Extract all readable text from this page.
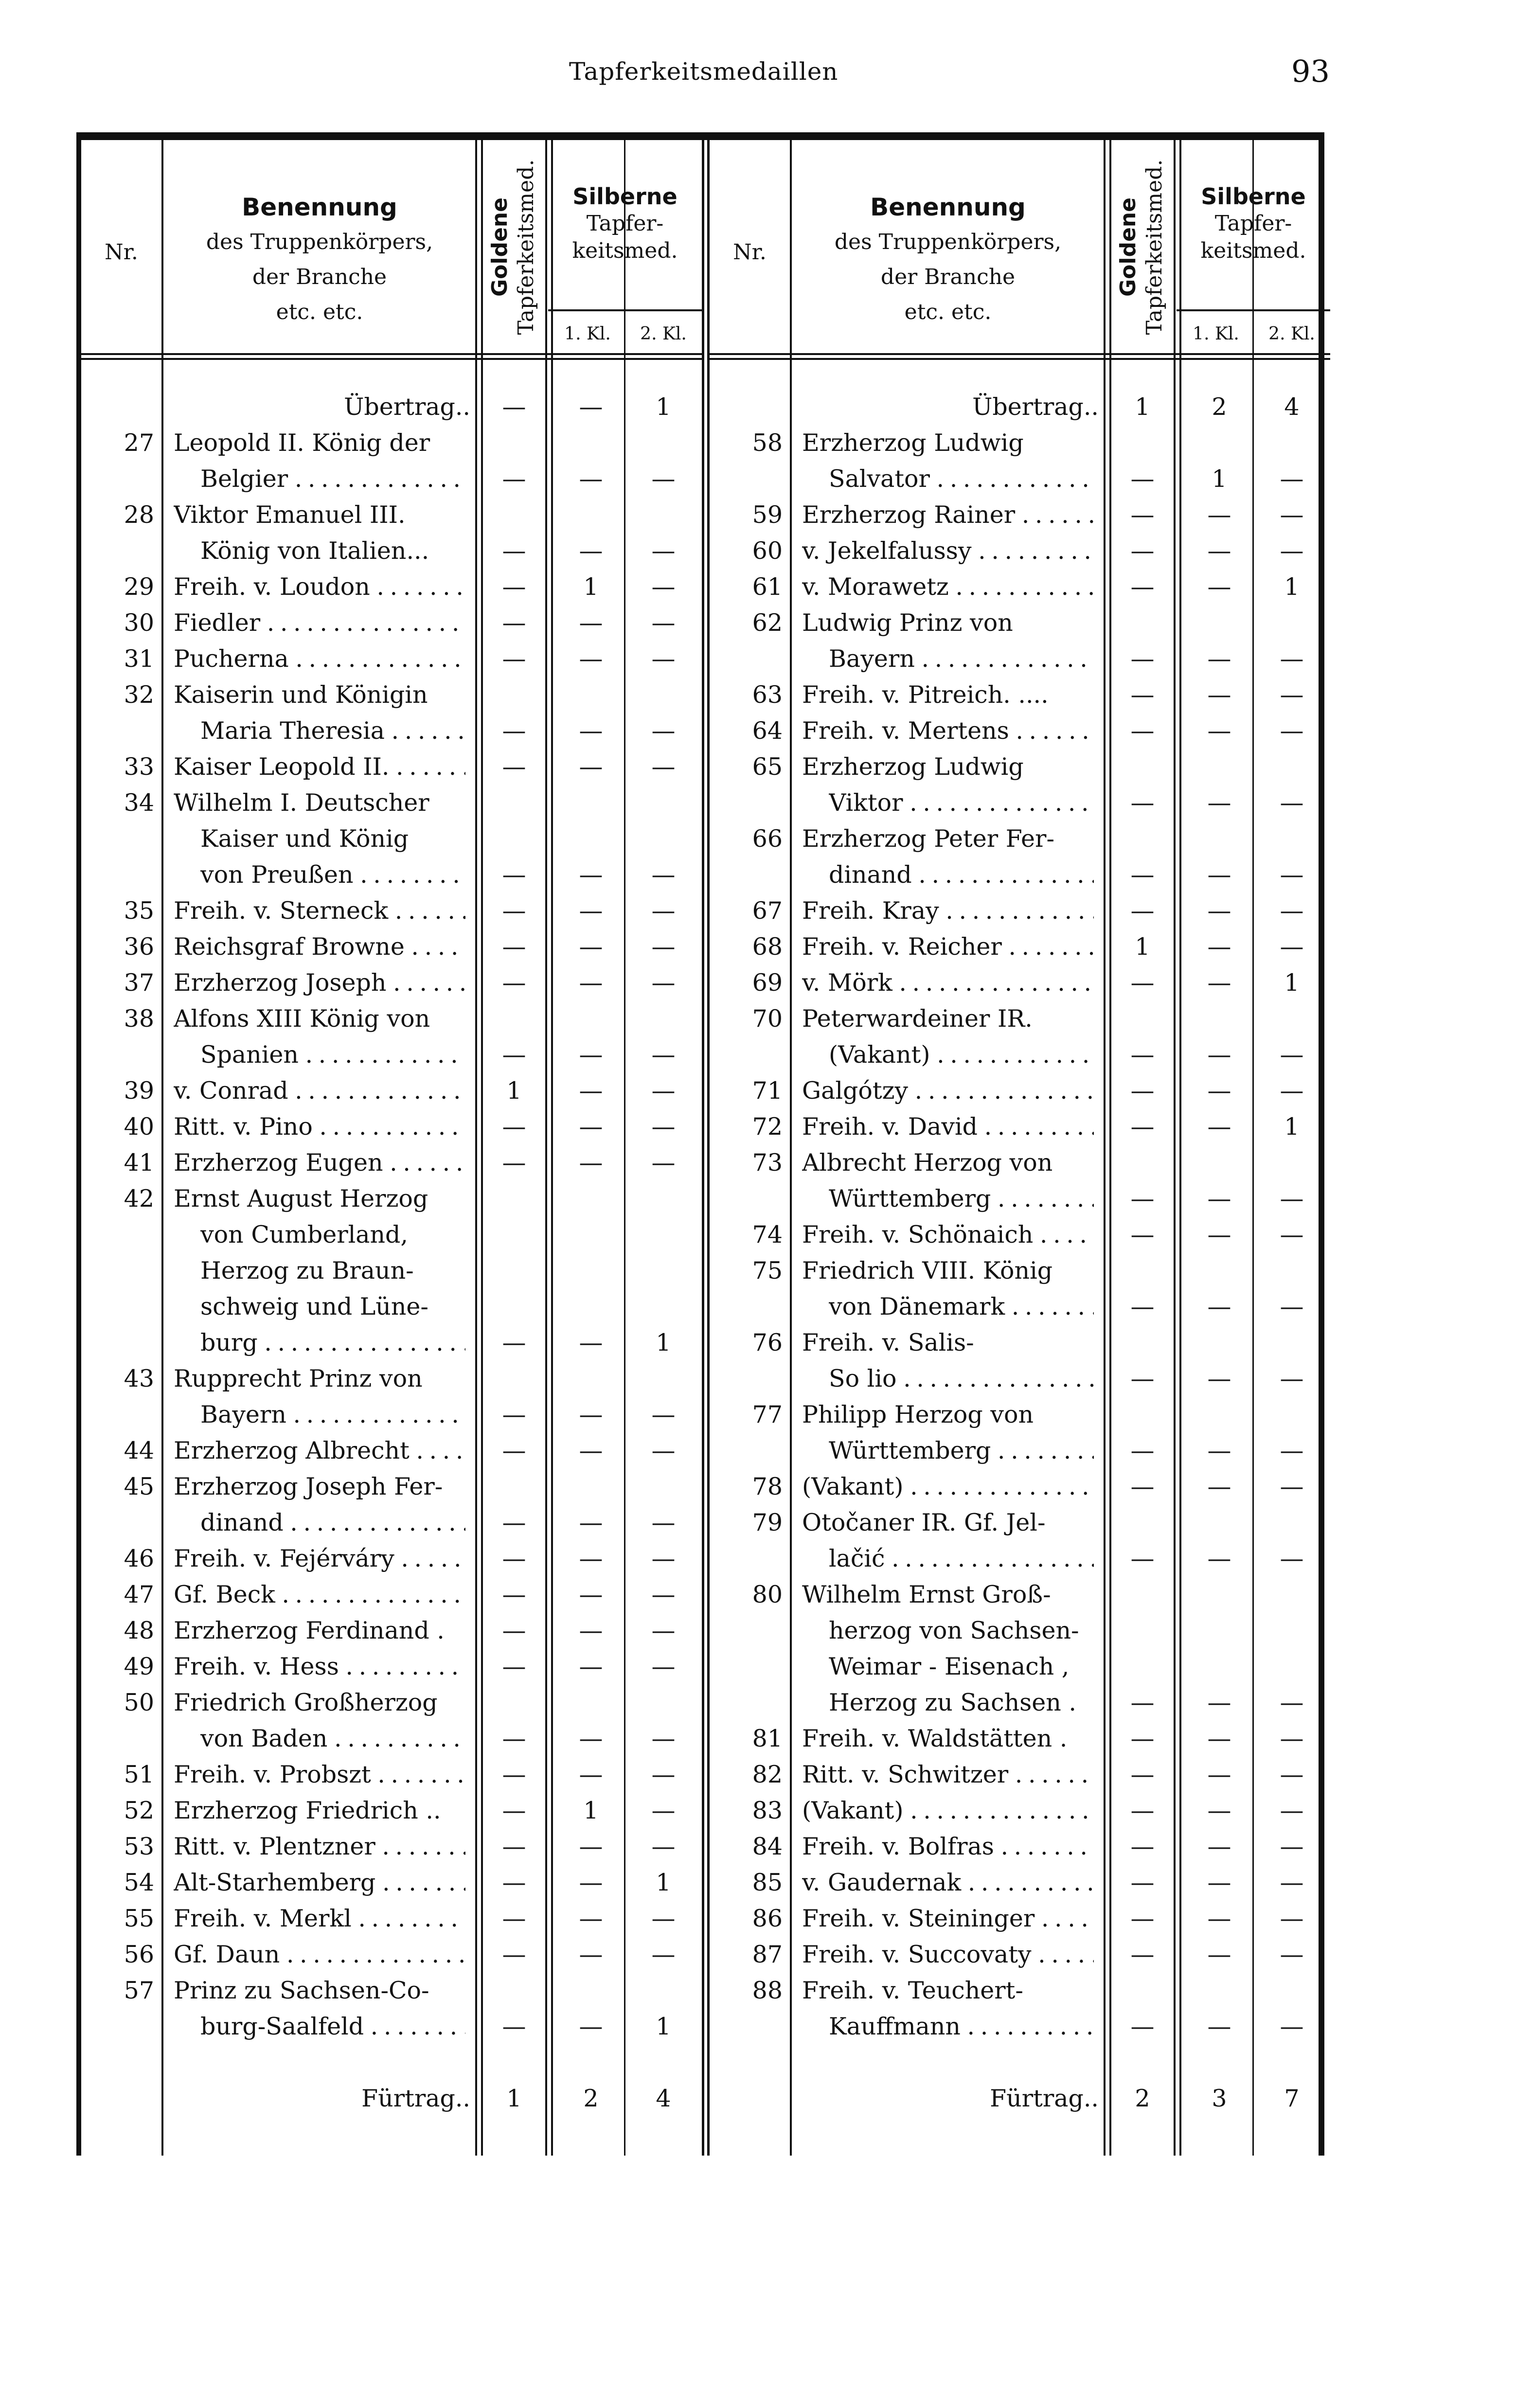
Tapferkeitsmedaillen	93
Nr.
Benennung
des Truppenkörpers,
der Branche
etc. etc.
Goldene Tapferkeitsmed.	Silberne
Tapfer-
keitsmed.
1. Kl.	2. Kl.
Übertrag..	—	—	1
27 Leopold II. König der
Belgier . . .	—	—	—
28 Viktor Emanuel III.
König von Italien...	—	—	—
29 Freih. v. Loudon . . .	—	1	—
30 Fiedler . . .	—	—	—
31 Pucherna . . .	—	—	—
32 Kaiserin und Königin
Maria Theresia . . .	—	—	—
33 Kaiser Leopold II. . . .	—	—	—
34 Wilhelm I. Deutscher
Kaiser und König
von Preußen . . .	—	—	—
35 Freih. v. Sterneck . . .	—	—	—
36 Reichsgraf Browne . . .	—	—	—
37 Erzherzog Joseph . . .	—	—	—
38 Alfons XIII König von
Spanien . . .	—	—	—
39 v. Conrad . . .	1	—	—
40 Ritt. v. Pino . . .	—	—	—
41 Erzherzog Eugen . . .	—	—	—
42 Ernst August Herzog
von Cumberland,
Herzog zu Braun-
schweig und Lüne-
burg . . .	—	—	1
43 Rupprecht Prinz von
Bayern . . .	—	—	—
44 Erzherzog Albrecht . . .	—	—	—
45 Erzherzog Joseph Fer-
dinand . . .	—	—	—
46 Freih. v. Fejérváry . . .	—	—	—
47 Gf. Beck . . .	—	—	—
48 Erzherzog Ferdinand .	—	—	—
49 Freih. v. Hess . . .	—	—	—
50 Friedrich Großherzog
von Baden . . .	—	—	—
51 Freih. v. Probszt . . .	—	—	—
52 Erzherzog Friedrich ..	—	1	—
53 Ritt. v. Plentzner . . .	—	—	—
54 Alt-Starhemberg . . .	—	—	1
55 Freih. v. Merkl . . .	—	—	—
56 Gf. Daun . . .	—	—	—
57 Prinz zu Sachsen-Co-
burg-Saalfeld . . .	—	—	1
Fürtrag..	1	2	4
Nr.
Benennung
des Truppenkörpers,
der Branche
etc. etc.
Goldene Tapferkeitsmed.	Silberne
Tapfer-
keitsmed.
1. Kl.	2. Kl.
Übertrag..	1	2	4
58 Erzherzog Ludwig
Salvator . . .	—	1	—
59 Erzherzog Rainer . . .	—	—	—
60 v. Jekelfalussy . . .	—	—	—
61 v. Morawetz . . .	—	—	1
62 Ludwig Prinz von
Bayern . . .	—	—	—
63 Freih. v. Pitreich. ....	—	—	—
64 Freih. v. Mertens . . .	—	—	—
65 Erzherzog Ludwig
Viktor . . .	—	—	—
66 Erzherzog Peter Fer-
dinand . . .	—	—	—
67 Freih. Kray . . .	—	—	—
68 Freih. v. Reicher . . .	1	—	—
69 v. Mörk . . .	—	—	1
70 Peterwardeiner IR.
(Vakant) . . .	—	—	—
71 Galgótzy . . .	—	—	—
72 Freih. v. David . . .	—	—	1
73 Albrecht Herzog von
Württemberg . . .	—	—	—
74 Freih. v. Schönaich . . .	—	—	—
75 Friedrich VIII. König
von Dänemark . . .	—	—	—
76 Freih. v. Salis-
So lio . . .	—	—	—
77 Philipp Herzog von
Württemberg . . .	—	—	—
78 (Vakant) . . .	—	—	—
79 Otočaner IR. Gf. Jel-
lačić . . .	—	—	—
80 Wilhelm Ernst Groß-
herzog von Sachsen-
Weimar - Eisenach ,
Herzog zu Sachsen .	—	—	—
81 Freih. v. Waldstätten .	—	—	—
82 Ritt. v. Schwitzer . . .	—	—	—
83 (Vakant) . . .	—	—	—
84 Freih. v. Bolfras . . .	—	—	—
85 v. Gaudernak . . .	—	—	—
86 Freih. v. Steininger . . .	—	—	—
87 Freih. v. Succovaty . . .	—	—	—
88 Freih. v. Teuchert-
Kauffmann . . .	—	—	—
Fürtrag..	2	3	7
